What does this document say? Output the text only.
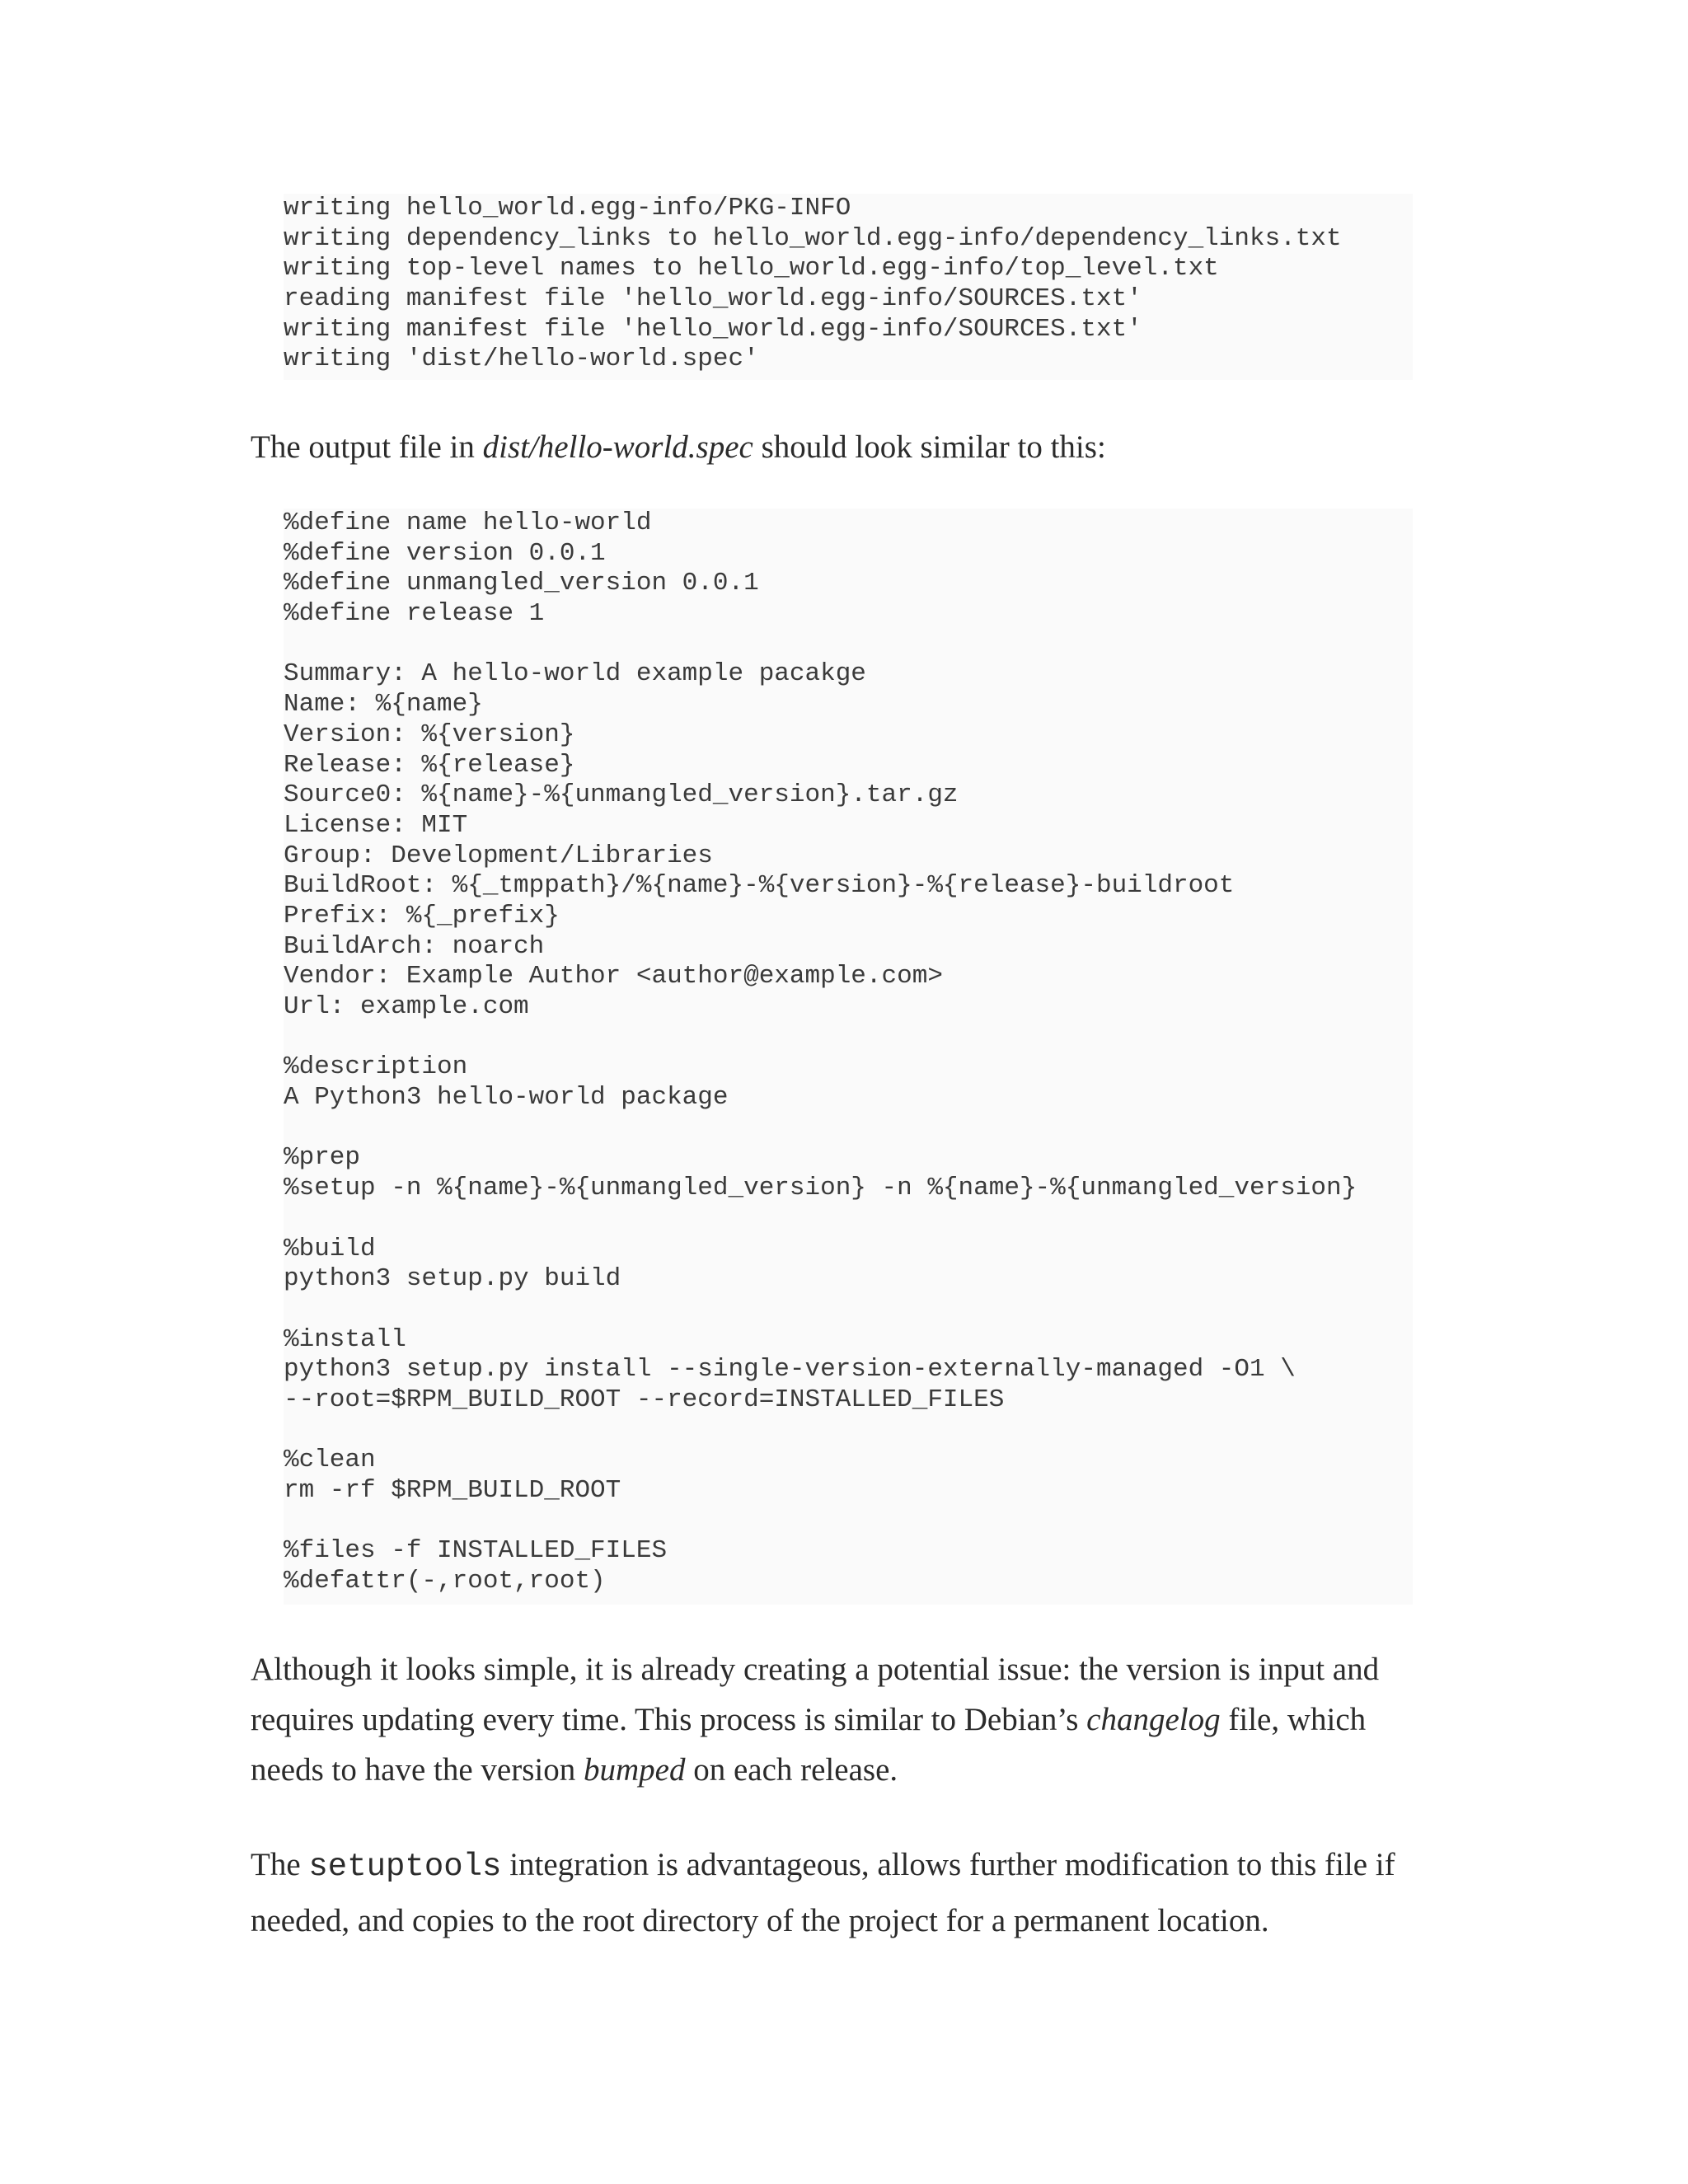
writing hello_world.egg-info/PKG-INFO
writing dependency_links to hello_world.egg-info/dependency_links.txt
writing top-level names to hello_world.egg-info/top_level.txt
reading manifest file 'hello_world.egg-info/SOURCES.txt'
writing manifest file 'hello_world.egg-info/SOURCES.txt'
writing 'dist/hello-world.spec'

The output file in dist/hello-world.spec should look similar to this:

%define name hello-world
%define version 0.0.1
%define unmangled_version 0.0.1
%define release 1
Summary: A hello-world example pacakge
Name: %{name}
Version: %{version}
Release: %{release}
Source0: %{name}-%{unmangled_version}.tar.gz
License: MIT
Group: Development/Libraries
BuildRoot: %{_tmppath}/%{name}-%{version}-%{release}-buildroot
Prefix: %{_prefix}
BuildArch: noarch
Vendor: Example Author <author@example.com>
Url: example.com
%description
A Python3 hello-world package
%prep
%setup -n %{name}-%{unmangled_version} -n %{name}-%{unmangled_version}
%build
python3 setup.py build
%install
python3 setup.py install --single-version-externally-managed -O1 \
--root=$RPM_BUILD_ROOT --record=INSTALLED_FILES
%clean
rm -rf $RPM_BUILD_ROOT
%files -f INSTALLED_FILES
%defattr(-,root,root)

Although it looks simple, it is already creating a potential issue: the version is input and requires updating every time. This process is similar to Debian’s changelog file, which needs to have the version bumped on each release.

The setuptools integration is advantageous, allows further modification to this file if needed, and copies to the root directory of the project for a permanent location.
